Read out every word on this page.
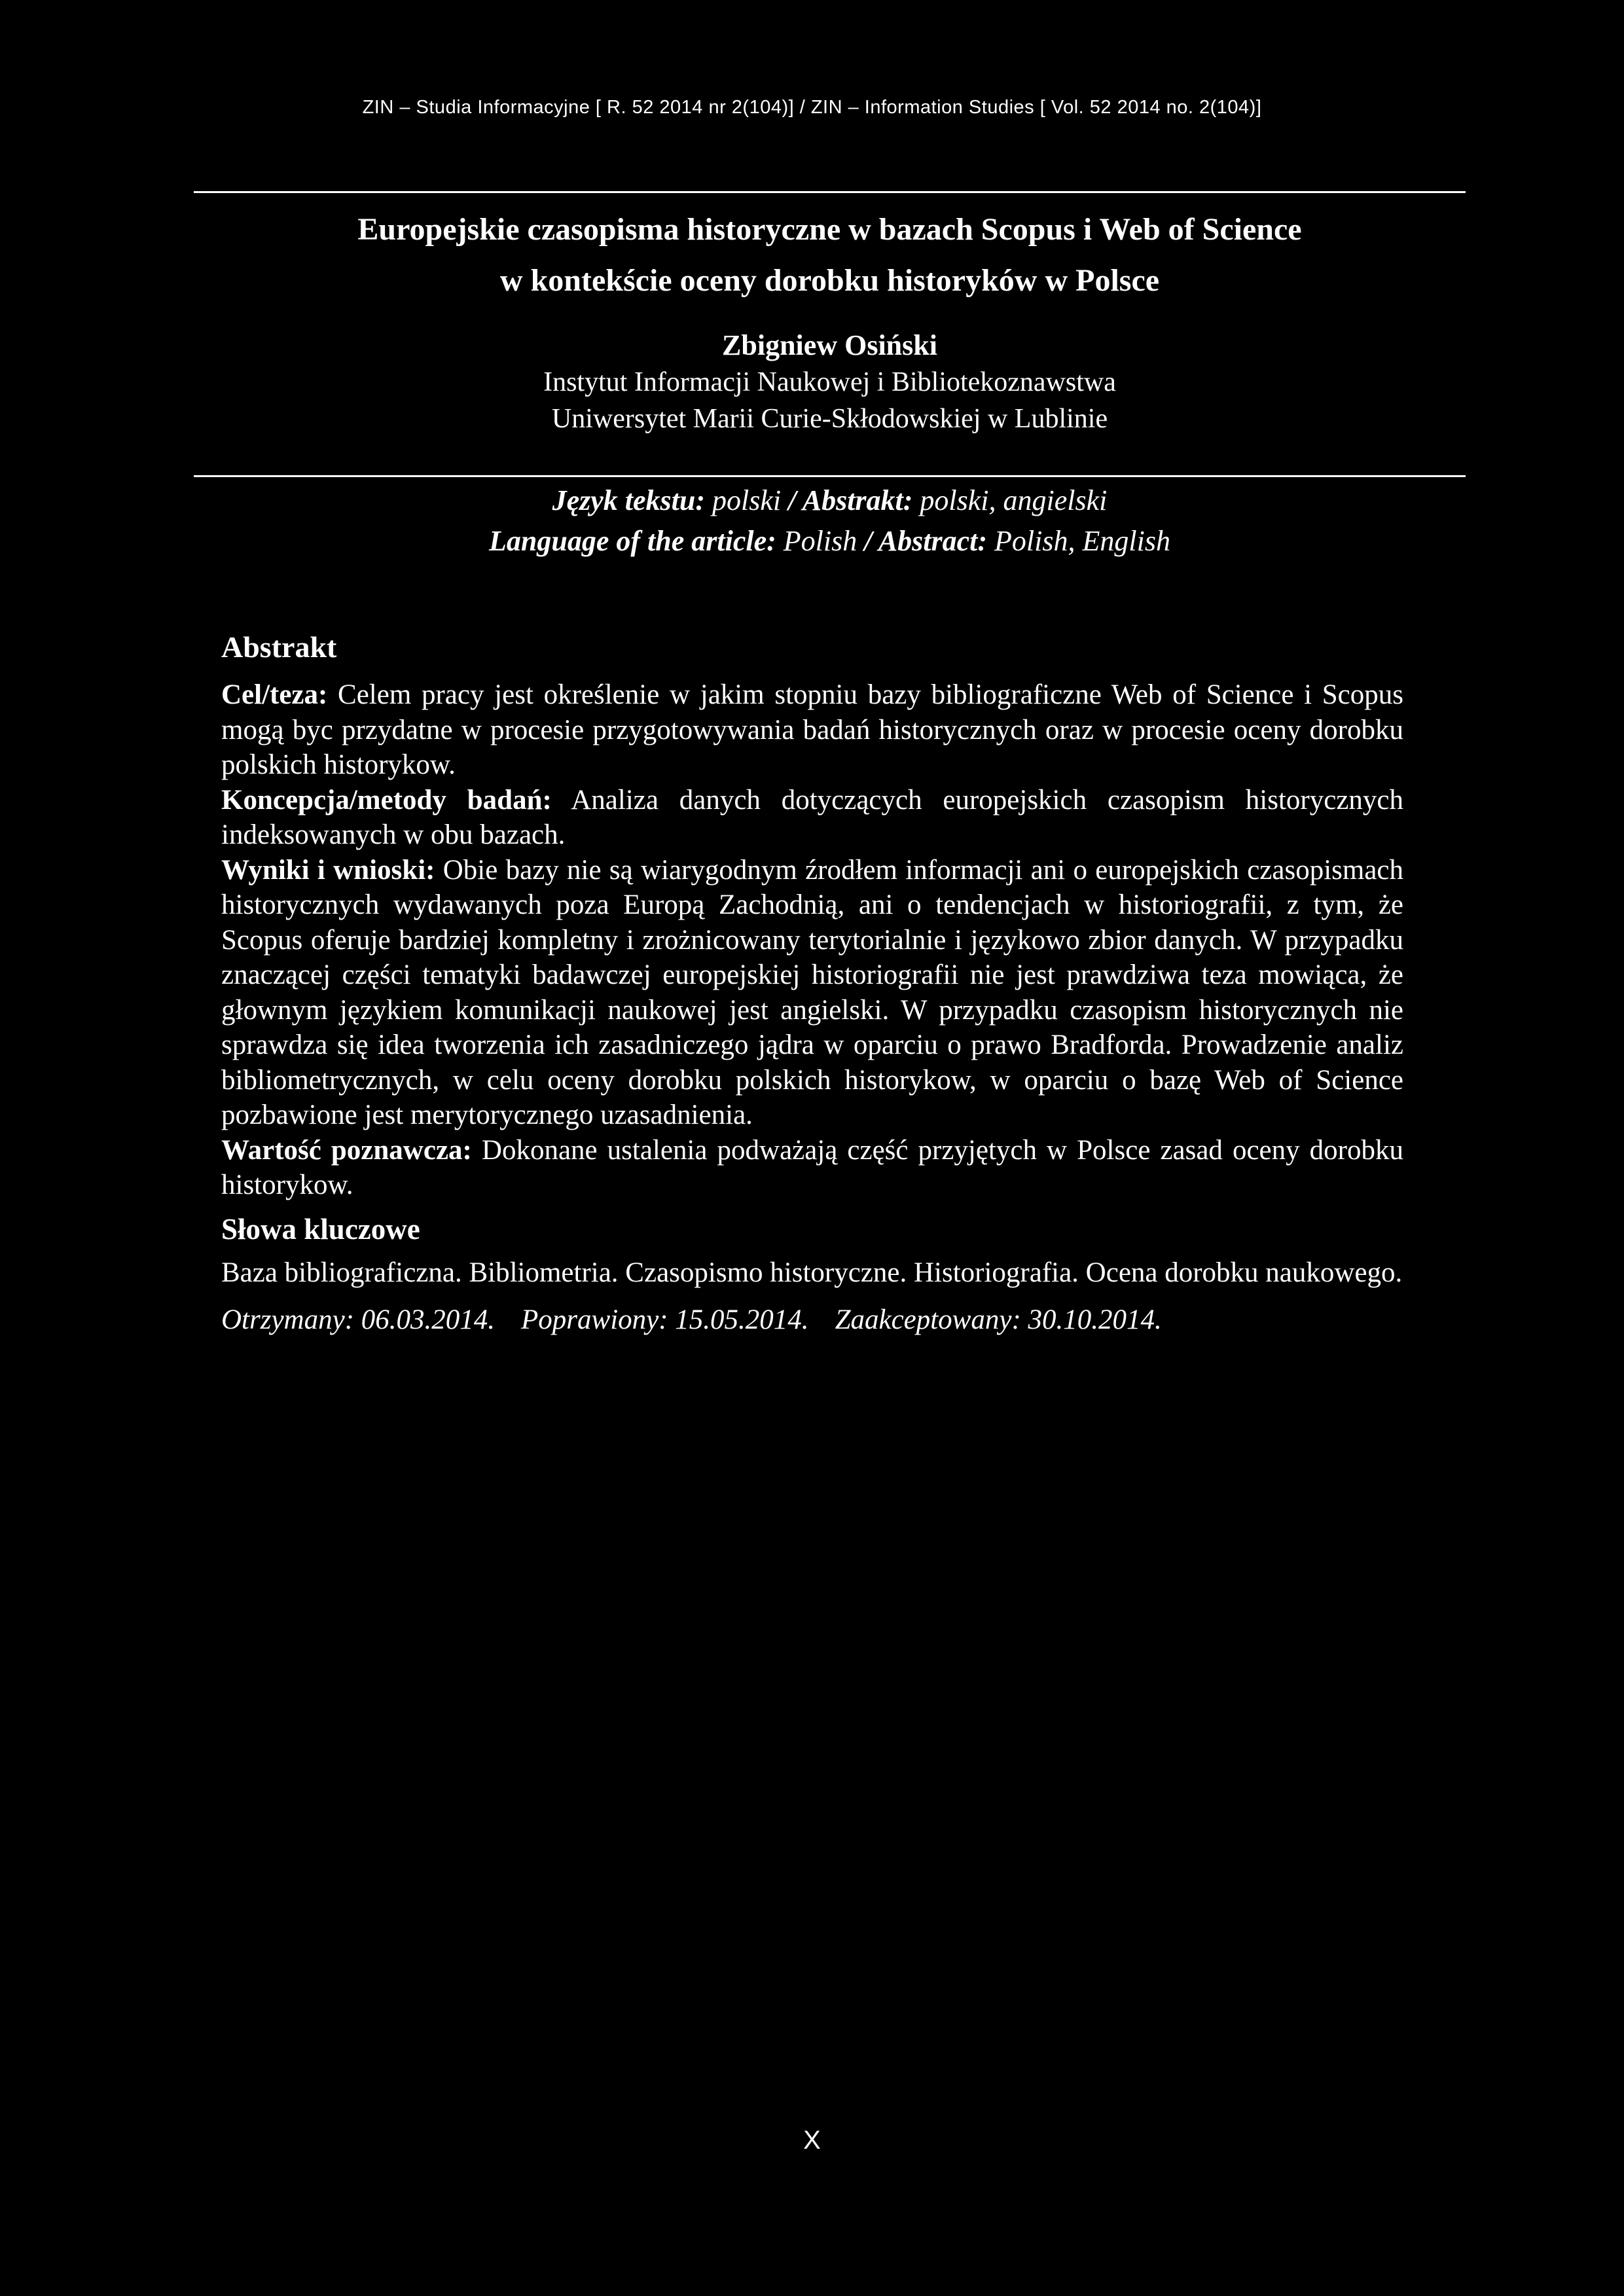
ZIN – Studia Informacyjne [ R. 52 2014 nr 2(104)] / ZIN – Information Studies [ Vol. 52 2014 no. 2(104)]
Europejskie czasopisma historyczne w bazach Scopus i Web of Science
w kontekście oceny dorobku historyków w Polsce
Zbigniew Osiński
Instytut Informacji Naukowej i Bibliotekoznawstwa
Uniwersytet Marii Curie-Skłodowskiej w Lublinie
Język tekstu: polski / Abstrakt: polski, angielski
Language of the article: Polish / Abstract: Polish, English
Abstrakt

Cel/teza: Celem pracy jest określenie w jakim stopniu bazy bibliograficzne Web of Science i Scopus mogą byc przydatne w procesie przygotowywania badań historycznych oraz w procesie oceny dorobku polskich historykow.

Koncepcja/metody badań: Analiza danych dotyczących europejskich czasopism historycznych indeksowanych w obu bazach.

Wyniki i wnioski: Obie bazy nie są wiarygodnym źrodłem informacji ani o europejskich czasopismach historycznych wydawanych poza Europą Zachodnią, ani o tendencjach w historiografii, z tym, że Scopus oferuje bardziej kompletny i zrożnicowany terytorialnie i językowo zbior danych. W przypadku znaczącej części tematyki badawczej europejskiej historiografii nie jest prawdziwa teza mowiąca, że głownym językiem komunikacji naukowej jest angielski. W przypadku czasopism historycznych nie sprawdza się idea tworzenia ich zasadniczego jądra w oparciu o prawo Bradforda. Prowadzenie analiz bibliometrycznych, w celu oceny dorobku polskich historykow, w oparciu o bazę Web of Science pozbawione jest merytorycznego uzasadnienia.

Wartość poznawcza: Dokonane ustalenia podważają część przyjętych w Polsce zasad oceny dorobku historykow.

Słowa kluczowe

Baza bibliograficzna. Bibliometria. Czasopismo historyczne. Historiografia. Ocena dorobku naukowego.

Otrzymany: 06.03.2014. Poprawiony: 15.05.2014. Zaakceptowany: 30.10.2014.
X
